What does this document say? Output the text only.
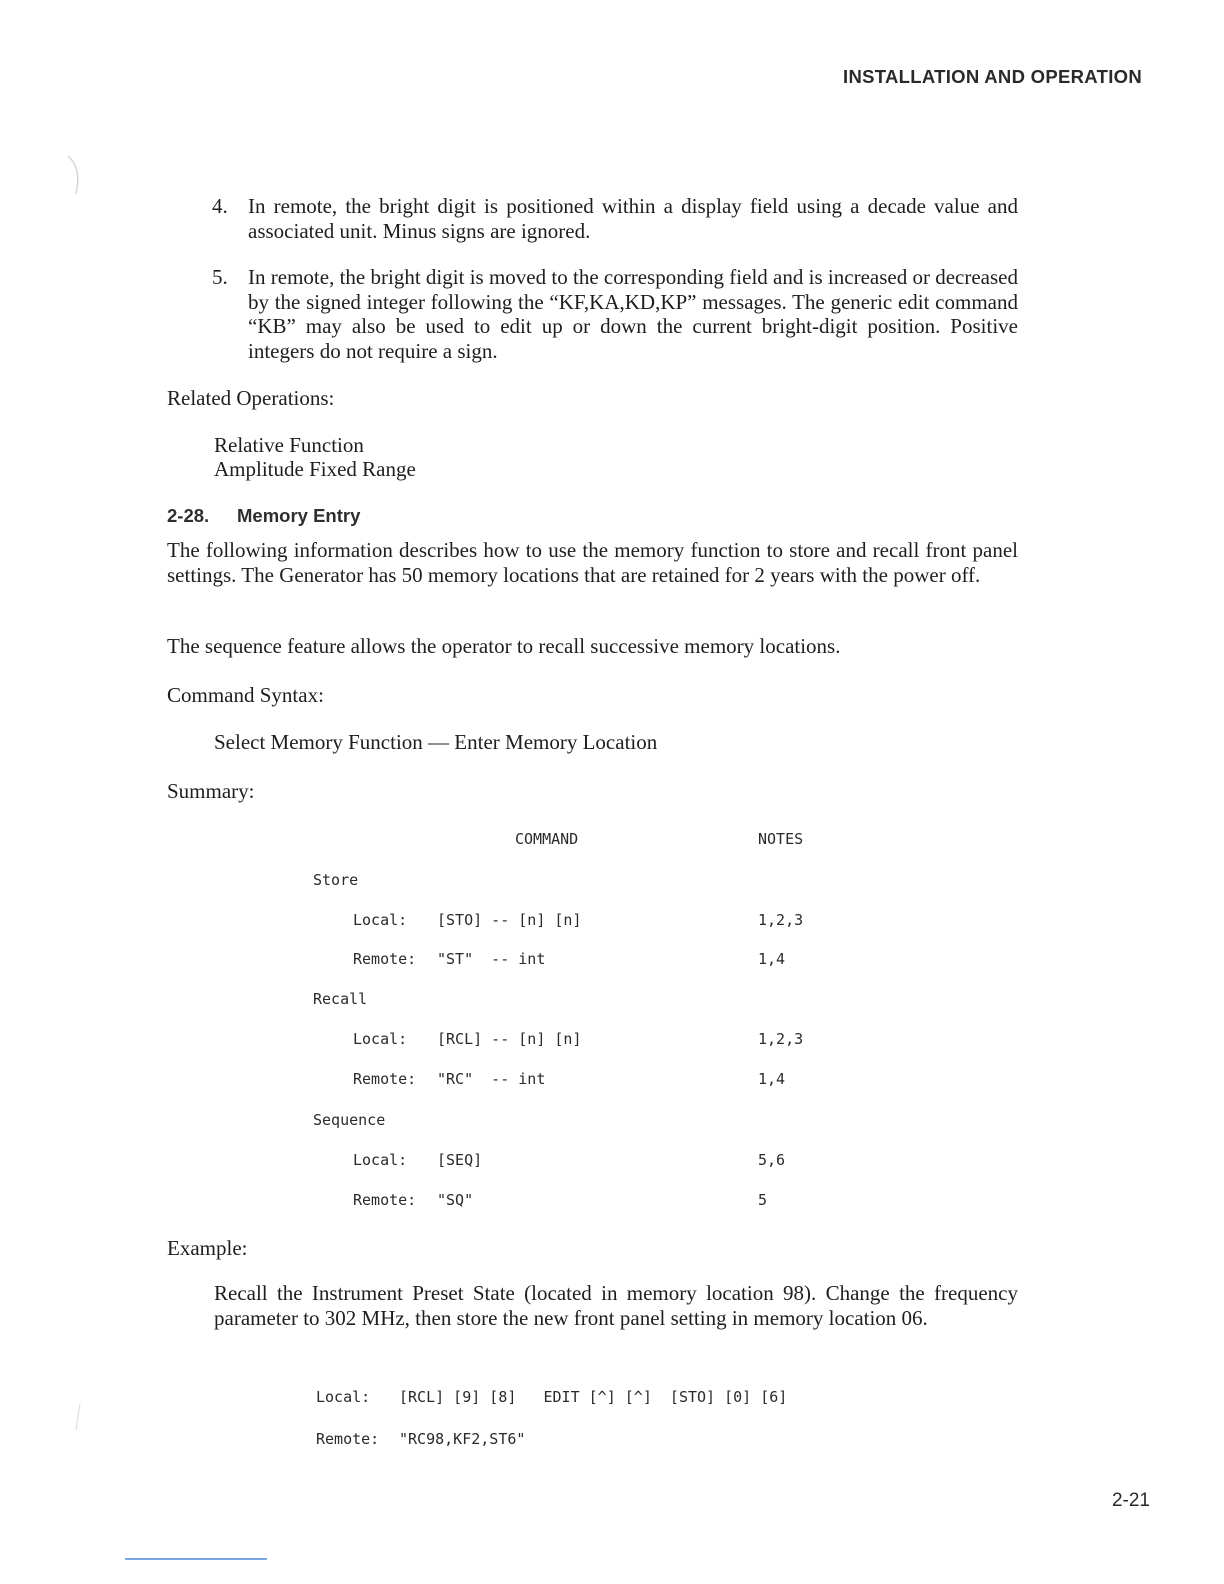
INSTALLATION AND OPERATION
4. In remote, the bright digit is positioned within a display field using a decade value and associated unit. Minus signs are ignored.
5. In remote, the bright digit is moved to the corresponding field and is increased or decreased by the signed integer following the “KF,KA,KD,KP” messages. The generic edit command “KB” may also be used to edit up or down the current bright-digit position. Positive integers do not require a sign.
Related Operations:
Relative Function
Amplitude Fixed Range
2-28. Memory Entry
The following information describes how to use the memory function to store and recall front panel settings. The Generator has 50 memory locations that are retained for 2 years with the power off.
The sequence feature allows the operator to recall successive memory locations.
Command Syntax:
Select Memory Function — Enter Memory Location
Summary:
COMMAND	NOTES
Store
Local: [STO] -- [n] [n]	1,2,3
Remote: "ST"  -- int	1,4
Recall
Local: [RCL] -- [n] [n]	1,2,3
Remote: "RC"  -- int	1,4
Sequence
Local: [SEQ]	5,6
Remote: "SQ"	5
Example:
Recall the Instrument Preset State (located in memory location 98). Change the frequency parameter to 302 MHz, then store the new front panel setting in memory location 06.
Local: [RCL] [9] [8]   EDIT [^] [^]  [STO] [0] [6]
Remote: "RC98,KF2,ST6"
2-21
